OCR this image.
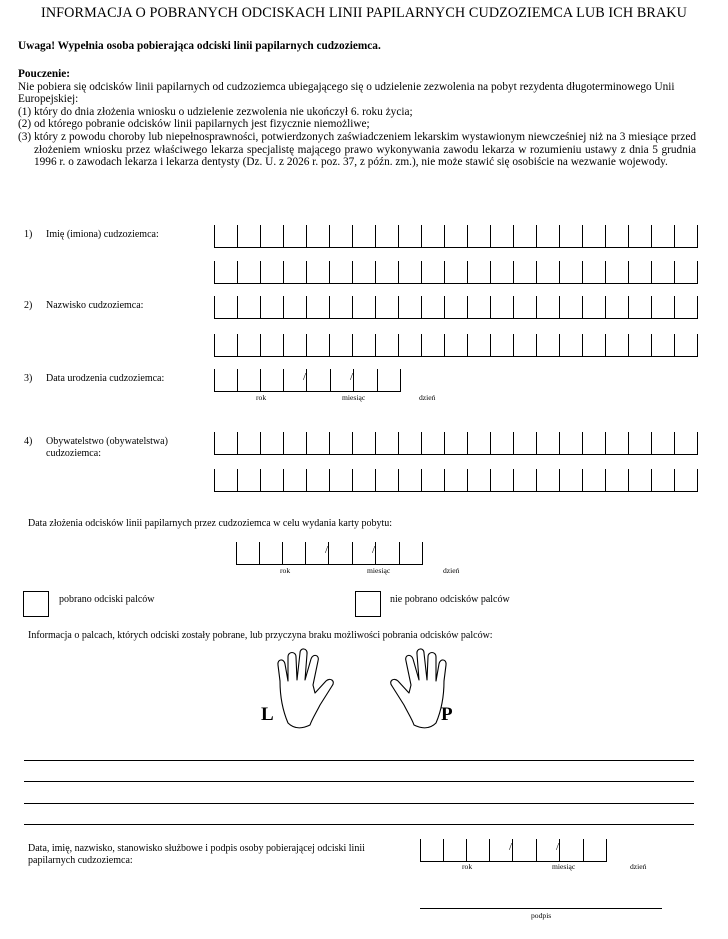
INFORMACJA O POBRANYCH ODCISKACH LINII PAPILARNYCH CUDZOZIEMCA LUB ICH BRAKU
Uwaga! Wypełnia osoba pobierająca odciski linii papilarnych cudzoziemca.
Pouczenie:
Nie pobiera się odcisków linii papilarnych od cudzoziemca ubiegającego się o udzielenie zezwolenia na pobyt rezydenta długoterminowego Unii Europejskiej:
(1) który do dnia złożenia wniosku o udzielenie zezwolenia nie ukończył 6. roku życia;
(2) od którego pobranie odcisków linii papilarnych jest fizycznie niemożliwe;
(3) który z powodu choroby lub niepełnosprawności, potwierdzonych zaświadczeniem lekarskim wystawionym niewcześniej niż na 3 miesiące przed złożeniem wniosku przez właściwego lekarza specjalistę mającego prawo wykonywania zawodu lekarza w rozumieniu ustawy z dnia 5 grudnia 1996 r. o zawodach lekarza i lekarza dentysty (Dz. U. z 2026 r. poz. 37, z późn. zm.), nie może stawić się osobiście na wezwanie wojewody.
1) Imię (imiona) cudzoziemca:
2) Nazwisko cudzoziemca:
3) Data urodzenia cudzoziemca:
/
/
rok	miesiąc	dzień
4) Obywatelstwo (obywatelstwa) cudzoziemca:
Data złożenia odcisków linii papilarnych przez cudzoziemca w celu wydania karty pobytu:
/
/
rok	miesiąc	dzień
pobrano odciski palców	nie pobrano odcisków palców
Informacja o palcach, których odciski zostały pobrane, lub przyczyna braku możliwości pobrania odcisków palców:
L	P
Data, imię, nazwisko, stanowisko służbowe i podpis osoby pobierającej odciski linii papilarnych cudzoziemca:
/
/
rok	miesiąc	dzień
podpis
